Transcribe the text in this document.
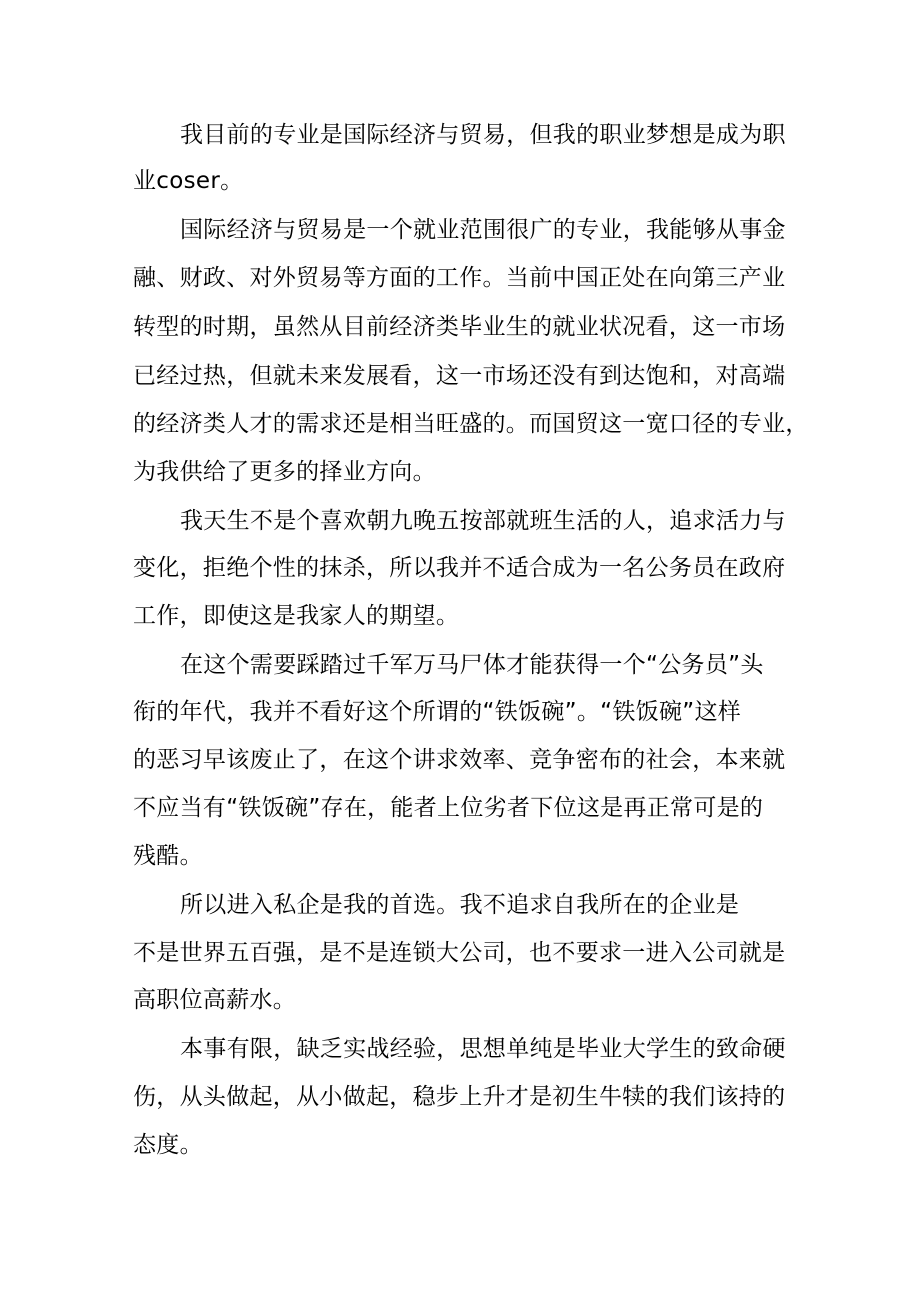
我目前的专业是国际经济与贸易，但我的职业梦想是成为职
业coser。
国际经济与贸易是一个就业范围很广的专业，我能够从事金
融、财政、对外贸易等方面的工作。当前中国正处在向第三产业
转型的时期，虽然从目前经济类毕业生的就业状况看，这一市场
已经过热，但就未来发展看，这一市场还没有到达饱和，对高端
的经济类人才的需求还是相当旺盛的。而国贸这一宽口径的专业，
为我供给了更多的择业方向。
我天生不是个喜欢朝九晚五按部就班生活的人，追求活力与
变化，拒绝个性的抹杀，所以我并不适合成为一名公务员在政府
工作，即使这是我家人的期望。
在这个需要踩踏过千军万马尸体才能获得一个“公务员”头
衔的年代，我并不看好这个所谓的“铁饭碗”。“铁饭碗”这样
的恶习早该废止了，在这个讲求效率、竞争密布的社会，本来就
不应当有“铁饭碗”存在，能者上位劣者下位这是再正常可是的
残酷。
所以进入私企是我的首选。我不追求自我所在的企业是
不是世界五百强，是不是连锁大公司，也不要求一进入公司就是
高职位高薪水。
本事有限，缺乏实战经验，思想单纯是毕业大学生的致命硬
伤，从头做起，从小做起，稳步上升才是初生牛犊的我们该持的
态度。
